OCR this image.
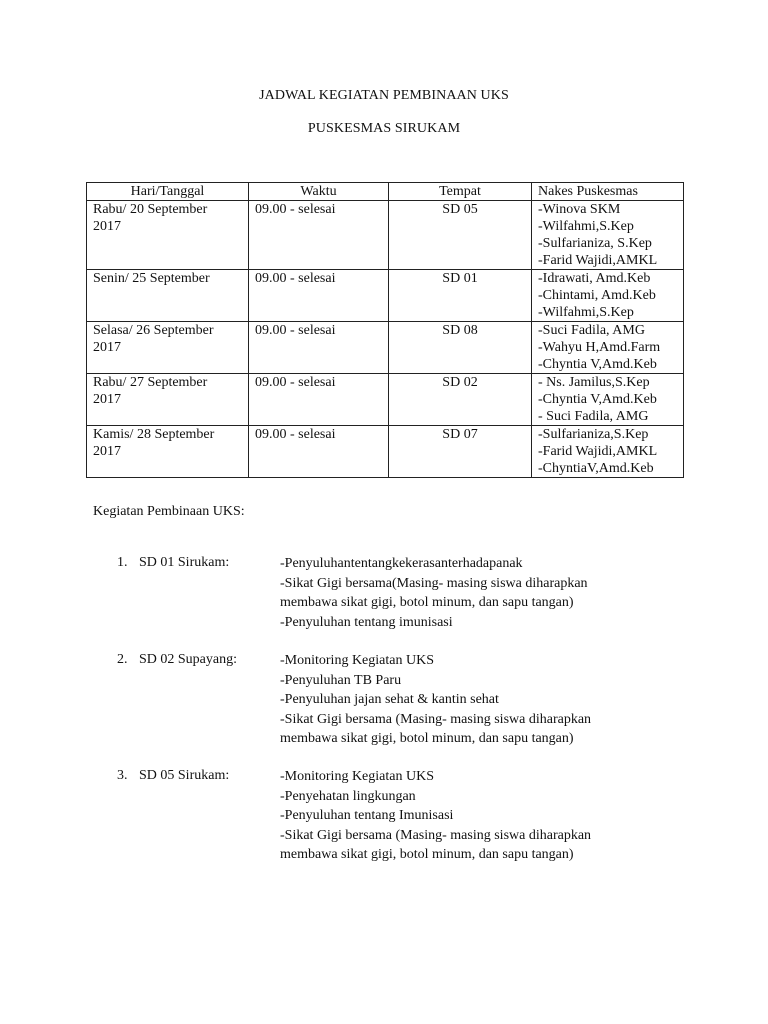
JADWAL KEGIATAN PEMBINAAN UKS
PUSKESMAS SIRUKAM
Hari/Tanggal	Waktu	Tempat	Nakes Puskesmas

Rabu/ 20 September
2017	09.00 - selesai	SD 05	-Winova SKM
-Wilfahmi,S.Kep
-Sulfarianiza, S.Kep
-Farid Wajidi,AMKL

Senin/ 25 September	09.00 - selesai	SD 01	-Idrawati, Amd.Keb
-Chintami, Amd.Keb
-Wilfahmi,S.Kep

Selasa/ 26 September
2017	09.00 - selesai	SD 08	-Suci Fadila, AMG
-Wahyu H,Amd.Farm
-Chyntia V,Amd.Keb

Rabu/ 27 September
2017	09.00 - selesai	SD 02	- Ns. Jamilus,S.Kep
-Chyntia V,Amd.Keb
- Suci Fadila, AMG

Kamis/ 28 September
2017	09.00 - selesai	SD 07	-Sulfarianiza,S.Kep
-Farid Wajidi,AMKL
-ChyntiaV,Amd.Keb
Kegiatan Pembinaan UKS:
1. SD 01 Sirukam:	-Penyuluhantentangkekerasanterhadapanak
-Sikat Gigi bersama(Masing- masing siswa diharapkan
membawa sikat gigi, botol minum, dan sapu tangan)
-Penyuluhan tentang imunisasi
2. SD 02 Supayang:	-Monitoring Kegiatan UKS
-Penyuluhan TB Paru
-Penyuluhan jajan sehat & kantin sehat
-Sikat Gigi bersama (Masing- masing siswa diharapkan
membawa sikat gigi, botol minum, dan sapu tangan)
3. SD 05 Sirukam:	-Monitoring Kegiatan UKS
-Penyehatan lingkungan
-Penyuluhan tentang Imunisasi
-Sikat Gigi bersama (Masing- masing siswa diharapkan
membawa sikat gigi, botol minum, dan sapu tangan)
